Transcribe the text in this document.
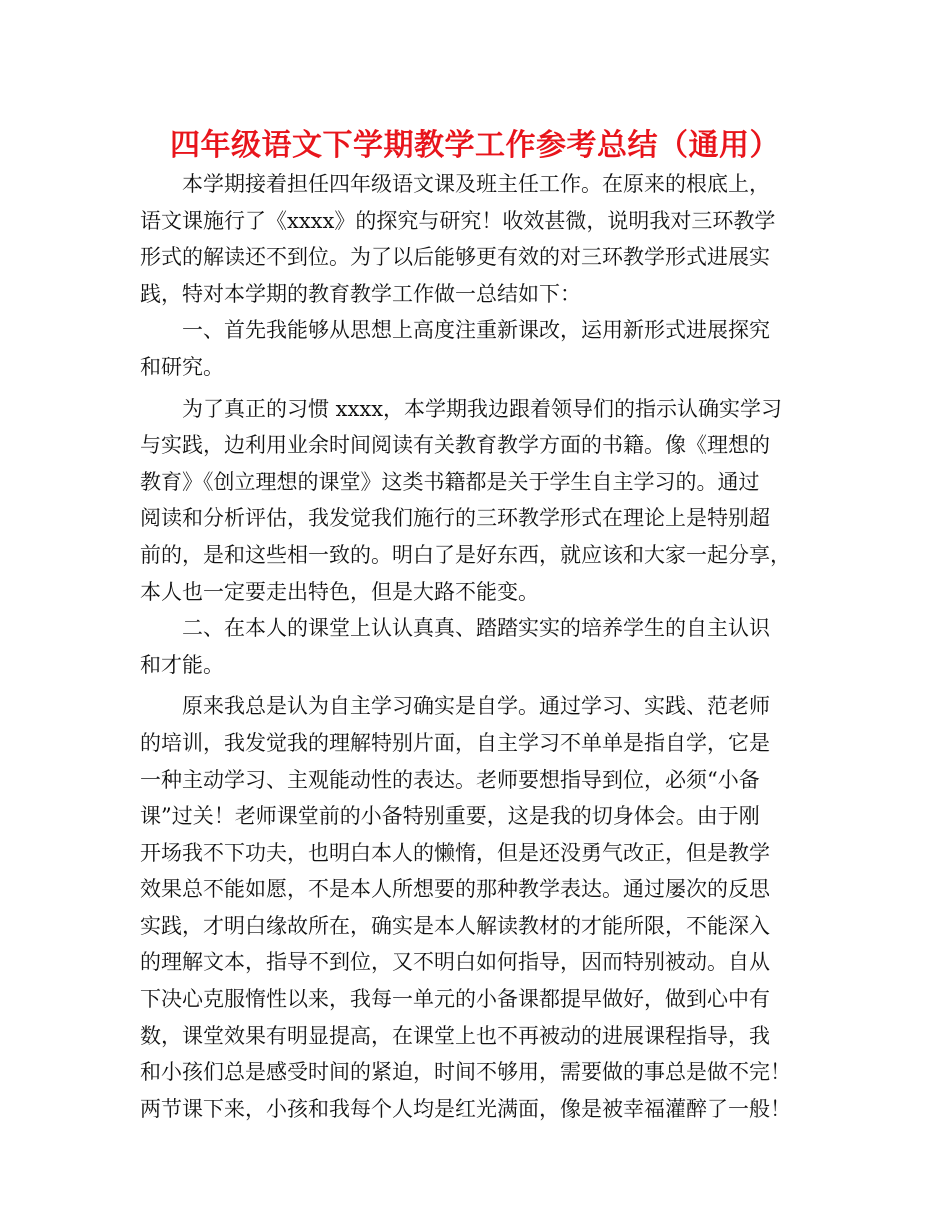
四年级语文下学期教学工作参考总结（通用）

本学期接着担任四年级语文课及班主任工作。在原来的根底上，
语文课施行了《xxxx》的探究与研究！收效甚微，说明我对三环教学
形式的解读还不到位。为了以后能够更有效的对三环教学形式进展实
践，特对本学期的教育教学工作做一总结如下：

一、首先我能够从思想上高度注重新课改，运用新形式进展探究
和研究。

为了真正的习惯 xxxx，本学期我边跟着领导们的指示认确实学习
与实践，边利用业余时间阅读有关教育教学方面的书籍。像《理想的
教育》《创立理想的课堂》这类书籍都是关于学生自主学习的。通过
阅读和分析评估，我发觉我们施行的三环教学形式在理论上是特别超
前的，是和这些相一致的。明白了是好东西，就应该和大家一起分享，
本人也一定要走出特色，但是大路不能变。

二、在本人的课堂上认认真真、踏踏实实的培养学生的自主认识
和才能。

原来我总是认为自主学习确实是自学。通过学习、实践、范老师
的培训，我发觉我的理解特别片面，自主学习不单单是指自学，它是
一种主动学习、主观能动性的表达。老师要想指导到位，必须“小备
课”过关！老师课堂前的小备特别重要，这是我的切身体会。由于刚
开场我不下功夫，也明白本人的懒惰，但是还没勇气改正，但是教学
效果总不能如愿，不是本人所想要的那种教学表达。通过屡次的反思
实践，才明白缘故所在，确实是本人解读教材的才能所限，不能深入
的理解文本，指导不到位，又不明白如何指导，因而特别被动。自从
下决心克服惰性以来，我每一单元的小备课都提早做好，做到心中有
数，课堂效果有明显提高，在课堂上也不再被动的进展课程指导，我
和小孩们总是感受时间的紧迫，时间不够用，需要做的事总是做不完！
两节课下来，小孩和我每个人均是红光满面，像是被幸福灌醉了一般！
